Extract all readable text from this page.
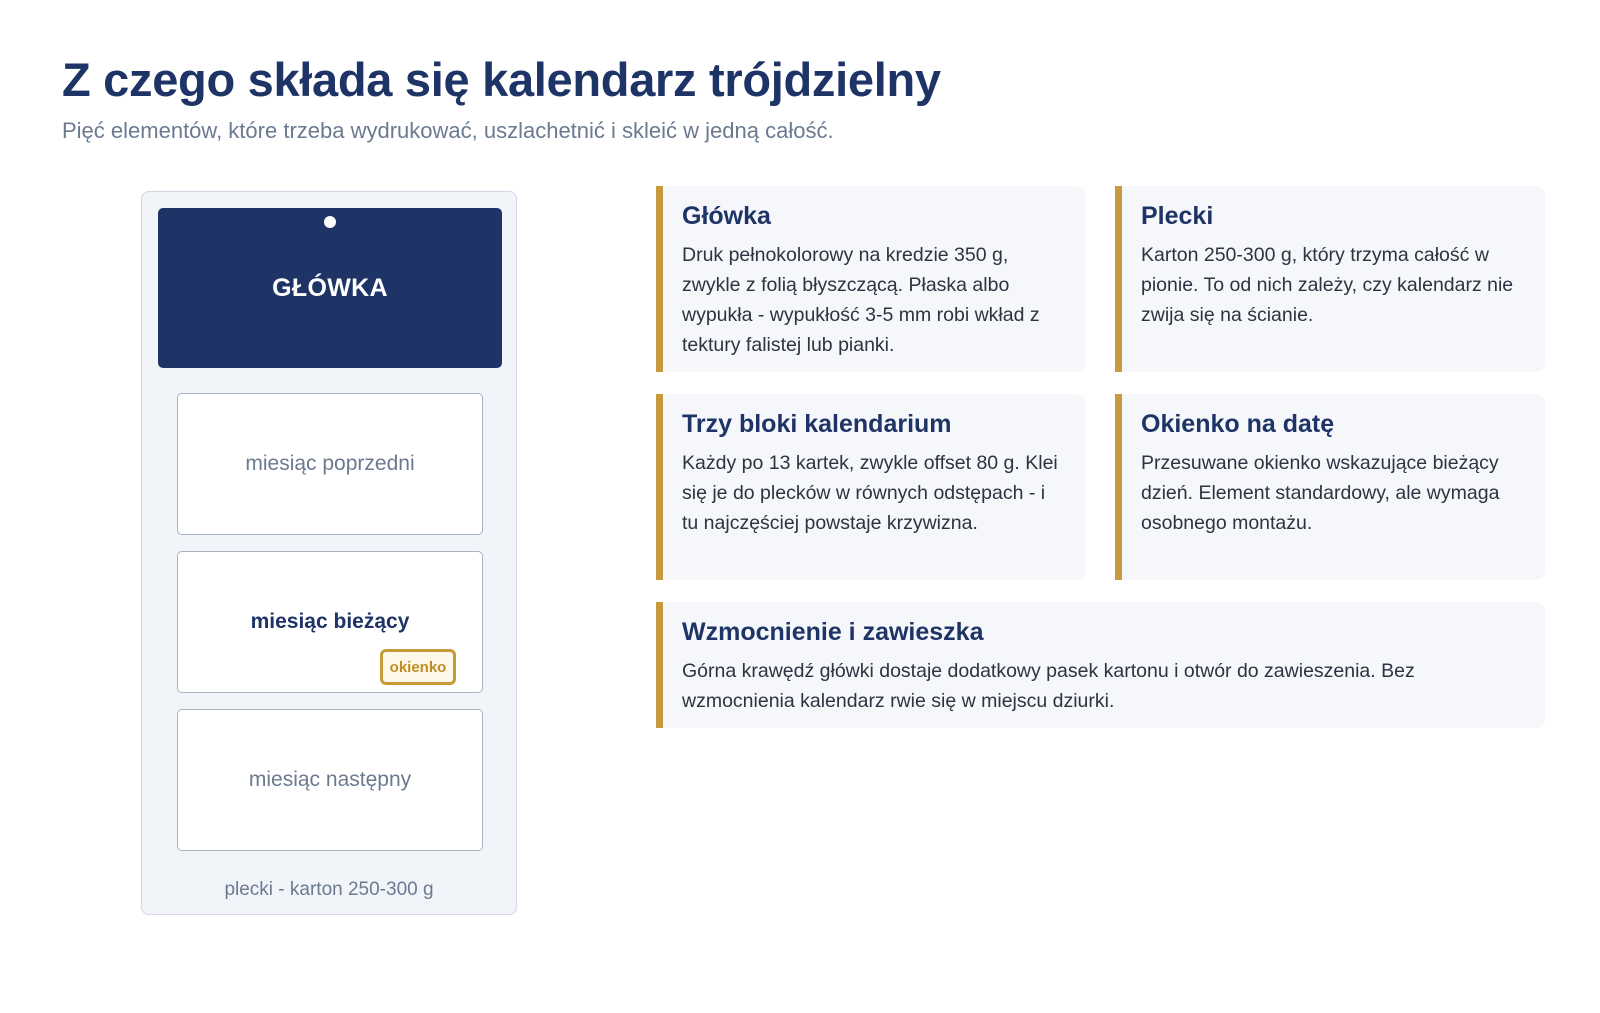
Z czego składa się kalendarz trójdzielny

Pięć elementów, które trzeba wydrukować, uszlachetnić i skleić w jedną całość.

GŁÓWKA
miesiąc poprzedni
miesiąc bieżący
okienko
miesiąc następny
plecki - karton 250-300 g
Główka

Druk pełnokolorowy na kredzie 350 g, zwykle z folią błyszczącą. Płaska albo wypukła - wypukłość 3-5 mm robi wkład z tektury falistej lub pianki.

Plecki

Karton 250-300 g, który trzyma całość w pionie. To od nich zależy, czy kalendarz nie zwija się na ścianie.

Trzy bloki kalendarium

Każdy po 13 kartek, zwykle offset 80 g. Klei się je do plecków w równych odstępach - i tu najczęściej powstaje krzywizna.

Okienko na datę

Przesuwane okienko wskazujące bieżący dzień. Element standardowy, ale wymaga osobnego montażu.

Wzmocnienie i zawieszka

Górna krawędź główki dostaje dodatkowy pasek kartonu i otwór do zawieszenia. Bez wzmocnienia kalendarz rwie się w miejscu dziurki.
